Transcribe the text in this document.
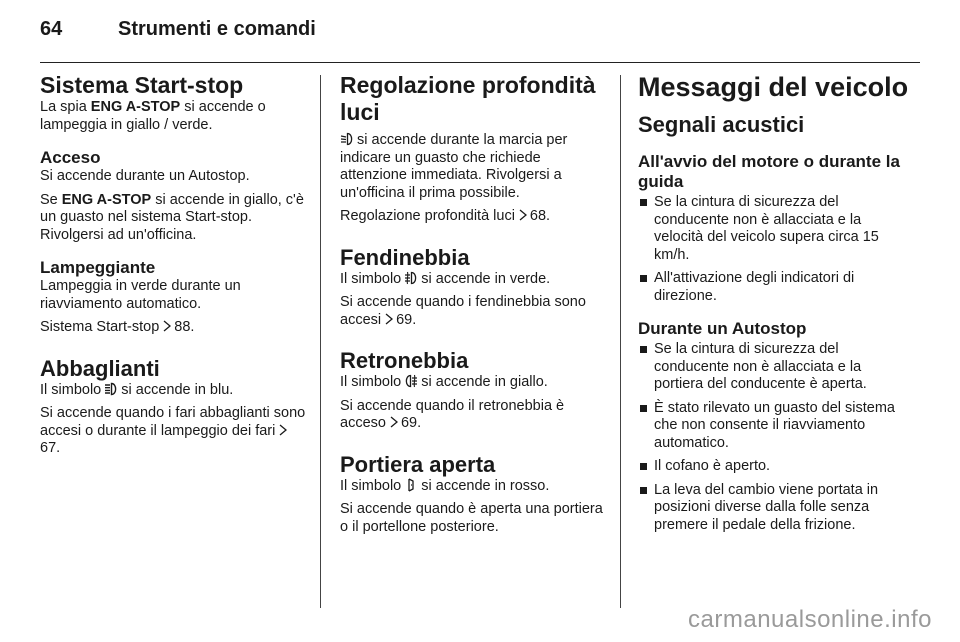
64	Strumenti e comandi
Sistema Start-stop
La spia ENG A-STOP si accende o lampeggia in giallo / verde.
Acceso
Si accende durante un Autostop.
Se ENG A-STOP si accende in giallo, c'è un guasto nel sistema Start-stop. Rivolgersi ad un'officina.
Lampeggiante
Lampeggia in verde durante un riavviamento automatico.
Sistema Start-stop 88.
Abbaglianti
Il simbolo si accende in blu.
Si accende quando i fari abbaglianti sono accesi o durante il lampeggio dei fari67.
Regolazione profondità luci
si accende durante la marcia per indicare un guasto che richiede attenzione immediata. Rivolgersi a un'officina il prima possibile.
Regolazione profondità luci 68.
Fendinebbia
Il simbolo si accende in verde.
Si accende quando i fendinebbia sono accesi 69.
Retronebbia
Il simbolo si accende in giallo.
Si accende quando il retronebbia è acceso 69.
Portiera aperta
Il simbolo si accende in rosso.
Si accende quando è aperta una portiera o il portellone posteriore.
Messaggi del veicolo
Segnali acustici
All'avvio del motore o durante la guida
Se la cintura di sicurezza del conducente non è allacciata e la velocità del veicolo supera circa 15 km/h.
All'attivazione degli indicatori di direzione.
Durante un Autostop
Se la cintura di sicurezza del conducente non è allacciata e la portiera del conducente è aperta.
È stato rilevato un guasto del sistema che non consente il riavviamento automatico.
Il cofano è aperto.
La leva del cambio viene portata in posizioni diverse dalla folle senza premere il pedale della frizione.
carmanualsonline.info
